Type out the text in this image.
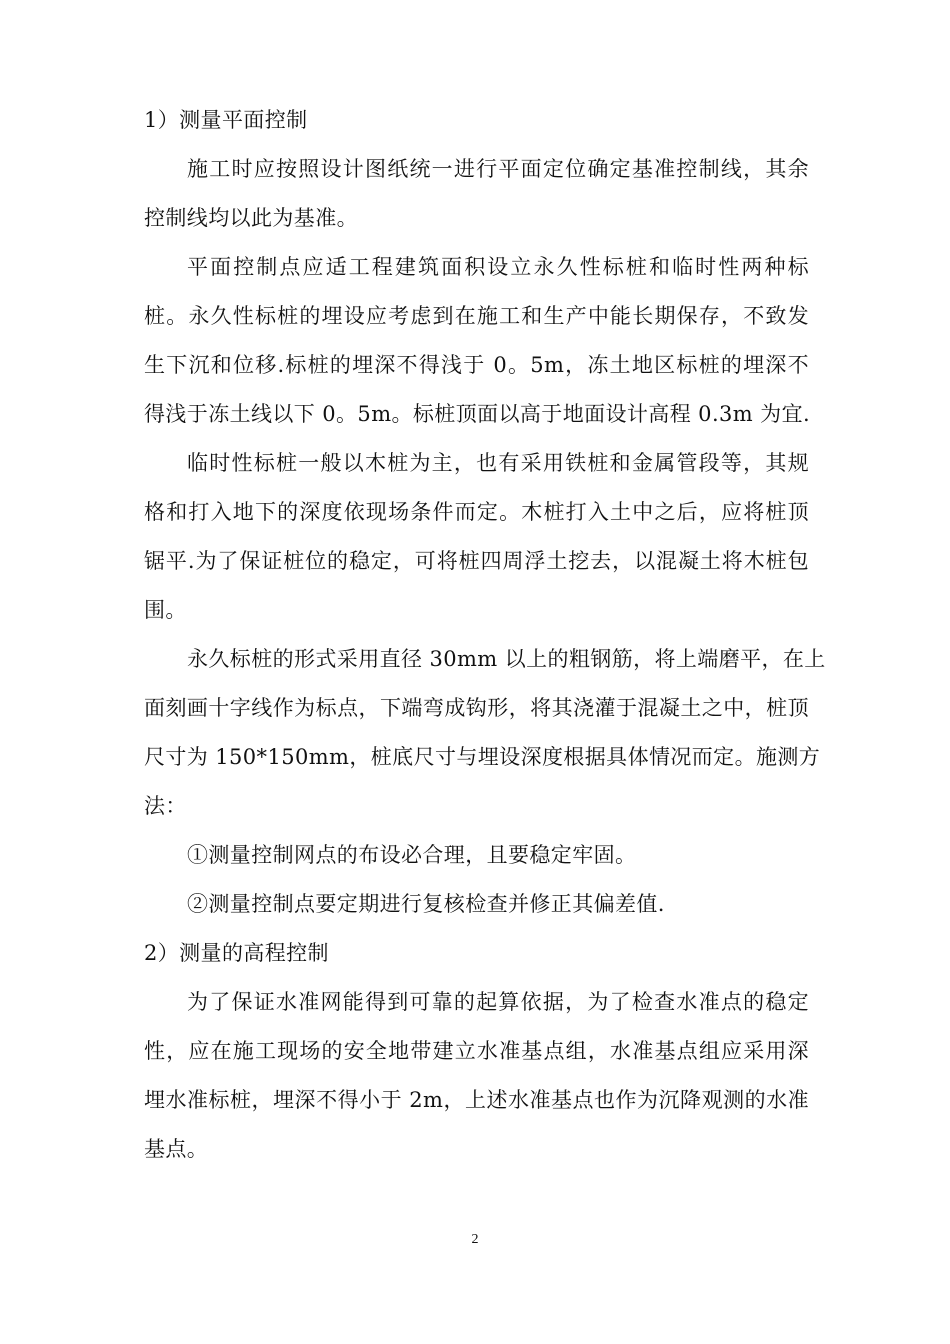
1）测量平面控制
施工时应按照设计图纸统一进行平面定位确定基准控制线，其余
控制线均以此为基准。
平面控制点应适工程建筑面积设立永久性标桩和临时性两种标
桩。永久性标桩的埋设应考虑到在施工和生产中能长期保存，不致发
生下沉和位移.标桩的埋深不得浅于 0。5m，冻土地区标桩的埋深不
得浅于冻土线以下 0。5m。标桩顶面以高于地面设计高程 0.3m 为宜.
临时性标桩一般以木桩为主，也有采用铁桩和金属管段等，其规
格和打入地下的深度依现场条件而定。木桩打入土中之后，应将桩顶
锯平.为了保证桩位的稳定，可将桩四周浮土挖去，以混凝土将木桩包
围。
永久标桩的形式采用直径 30mm 以上的粗钢筋，将上端磨平，在上
面刻画十字线作为标点，下端弯成钩形，将其浇灌于混凝土之中，桩顶
尺寸为 150*150mm，桩底尺寸与埋设深度根据具体情况而定。施测方
法：
①测量控制网点的布设必合理，且要稳定牢固。
②测量控制点要定期进行复核检查并修正其偏差值.
2）测量的高程控制
为了保证水准网能得到可靠的起算依据，为了检查水准点的稳定
性，应在施工现场的安全地带建立水准基点组，水准基点组应采用深
埋水准标桩，埋深不得小于 2m，上述水准基点也作为沉降观测的水准
基点。
2
